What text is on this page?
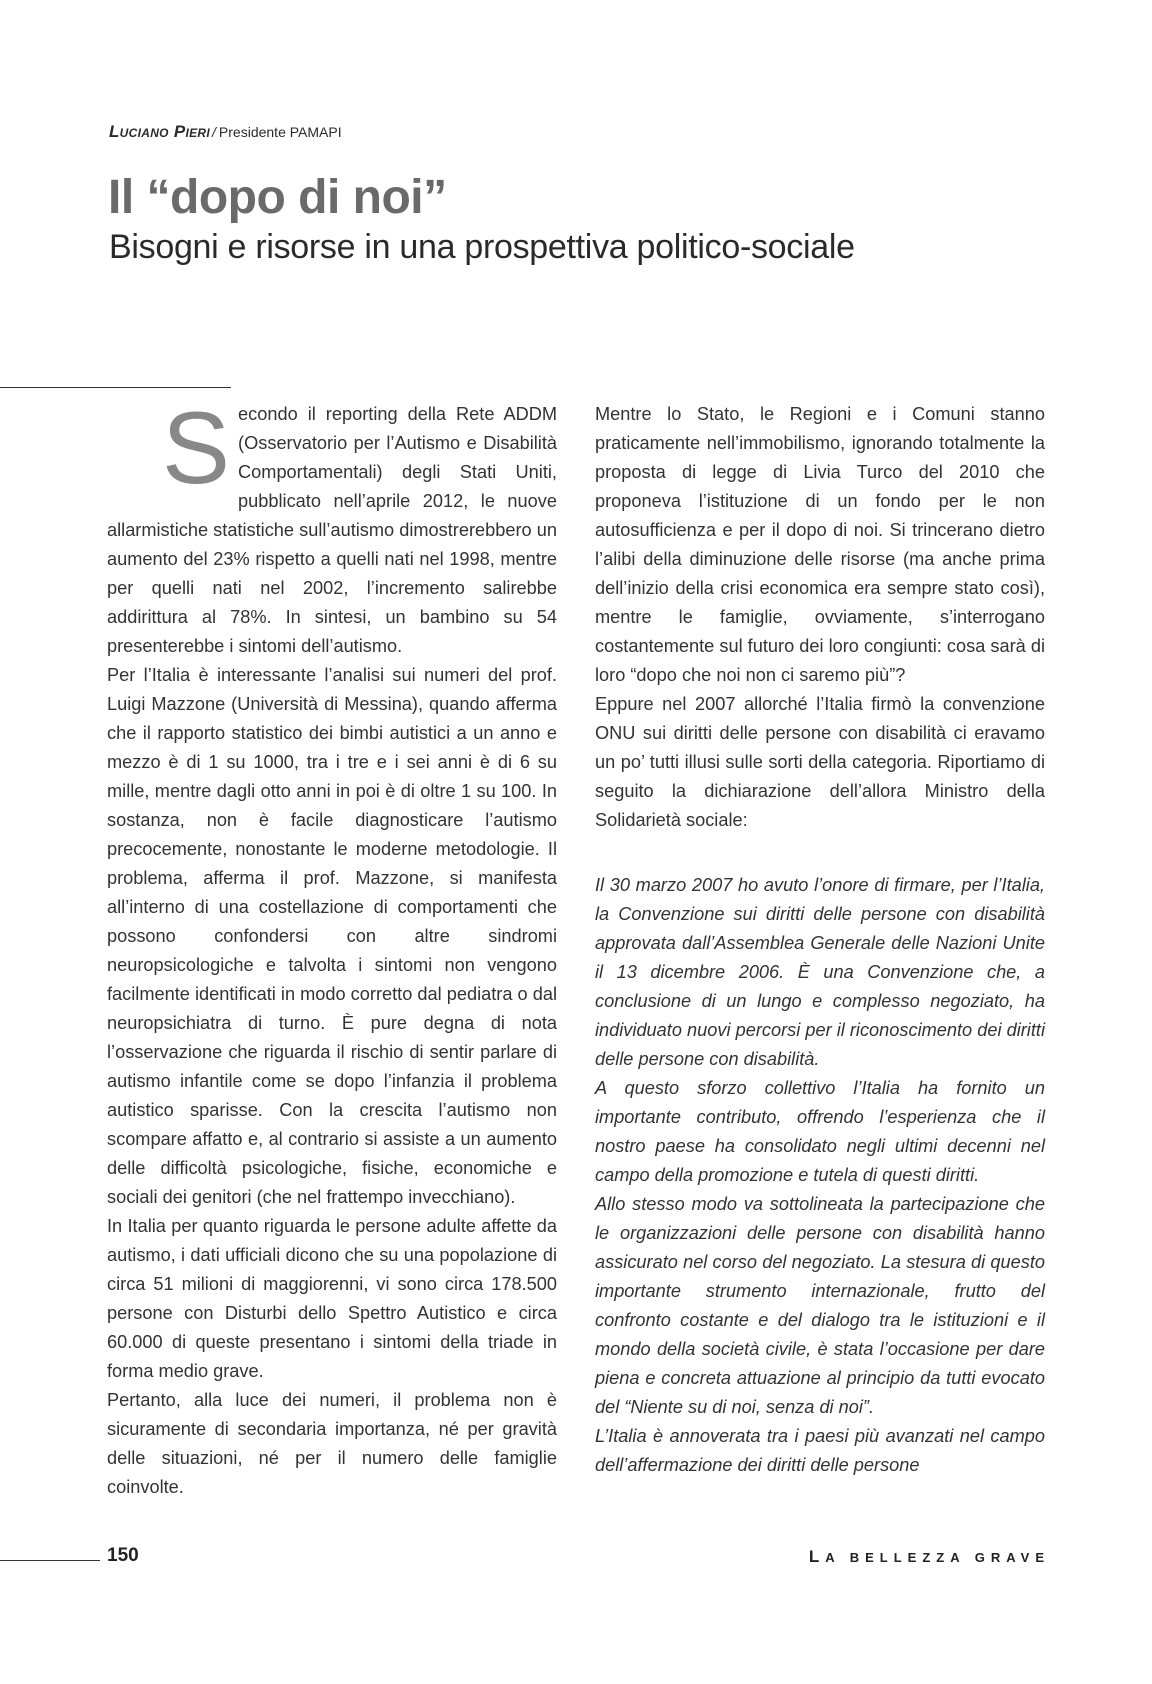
Luciano Pieri / Presidente PAMAPI
Il “dopo di noi”
Bisogni e risorse in una prospettiva politico-sociale

Secondo il reporting della Rete ADDM (Osservatorio per l’Autismo e Disabilità Comportamentali) degli Stati Uniti, pubblicato nell’aprile 2012, le nuove allarmistiche statistiche sull’autismo dimostrerebbero un aumento del 23% rispetto a quelli nati nel 1998, mentre per quelli nati nel 2002, l’incremento salirebbe addirittura al 78%. In sintesi, un bambino su 54 presenterebbe i sintomi dell’autismo.

Per l’Italia è interessante l’analisi sui numeri del prof. Luigi Mazzone (Università di Messina), quando afferma che il rapporto statistico dei bimbi autistici a un anno e mezzo è di 1 su 1000, tra i tre e i sei anni è di 6 su mille, mentre dagli otto anni in poi è di oltre 1 su 100. In sostanza, non è facile diagnosticare l’autismo precocemente, nonostante le moderne metodologie. Il problema, afferma il prof. Mazzone, si manifesta all’interno di una costellazione di comportamenti che possono confondersi con altre sindromi neuropsicologiche e talvolta i sintomi non vengono facilmente identificati in modo corretto dal pediatra o dal neuropsichiatra di turno. È pure degna di nota l’osservazione che riguarda il rischio di sentir parlare di autismo infantile come se dopo l’infanzia il problema autistico sparisse. Con la crescita l’autismo non scompare affatto e, al contrario si assiste a un aumento delle difficoltà psicologiche, fisiche, economiche e sociali dei genitori (che nel frattempo invecchiano).

In Italia per quanto riguarda le persone adulte affette da autismo, i dati ufficiali dicono che su una popolazione di circa 51 milioni di maggiorenni, vi sono circa 178.500 persone con Disturbi dello Spettro Autistico e circa 60.000 di queste presentano i sintomi della triade in forma medio grave.

Pertanto, alla luce dei numeri, il problema non è sicuramente di secondaria importanza, né per gravità delle situazioni, né per il numero delle famiglie coinvolte.

Mentre lo Stato, le Regioni e i Comuni stanno praticamente nell’immobilismo, ignorando totalmente la proposta di legge di Livia Turco del 2010 che proponeva l’istituzione di un fondo per le non autosufficienza e per il dopo di noi. Si trincerano dietro l’alibi della diminuzione delle risorse (ma anche prima dell’inizio della crisi economica era sempre stato così), mentre le famiglie, ovviamente, s’interrogano costantemente sul futuro dei loro congiunti: cosa sarà di loro “dopo che noi non ci saremo più”?

Eppure nel 2007 allorché l’Italia firmò la convenzione ONU sui diritti delle persone con disabilità ci eravamo un po’ tutti illusi sulle sorti della categoria. Riportiamo di seguito la dichiarazione dell’allora Ministro della Solidarietà sociale:

Il 30 marzo 2007 ho avuto l’onore di firmare, per l’Italia, la Convenzione sui diritti delle persone con disabilità approvata dall’Assemblea Generale delle Nazioni Unite il 13 dicembre 2006. È una Convenzione che, a conclusione di un lungo e complesso negoziato, ha individuato nuovi percorsi per il riconoscimento dei diritti delle persone con disabilità.

A questo sforzo collettivo l’Italia ha fornito un importante contributo, offrendo l’esperienza che il nostro paese ha consolidato negli ultimi decenni nel campo della promozione e tutela di questi diritti.

Allo stesso modo va sottolineata la partecipazione che le organizzazioni delle persone con disabilità hanno assicurato nel corso del negoziato. La stesura di questo importante strumento internazionale, frutto del confronto costante e del dialogo tra le istituzioni e il mondo della società civile, è stata l’occasione per dare piena e concreta attuazione al principio da tutti evocato del “Niente su di noi, senza di noi”.

L’Italia è annoverata tra i paesi più avanzati nel campo dell’affermazione dei diritti delle persone

150	LA BELLEZZA GRAVE
